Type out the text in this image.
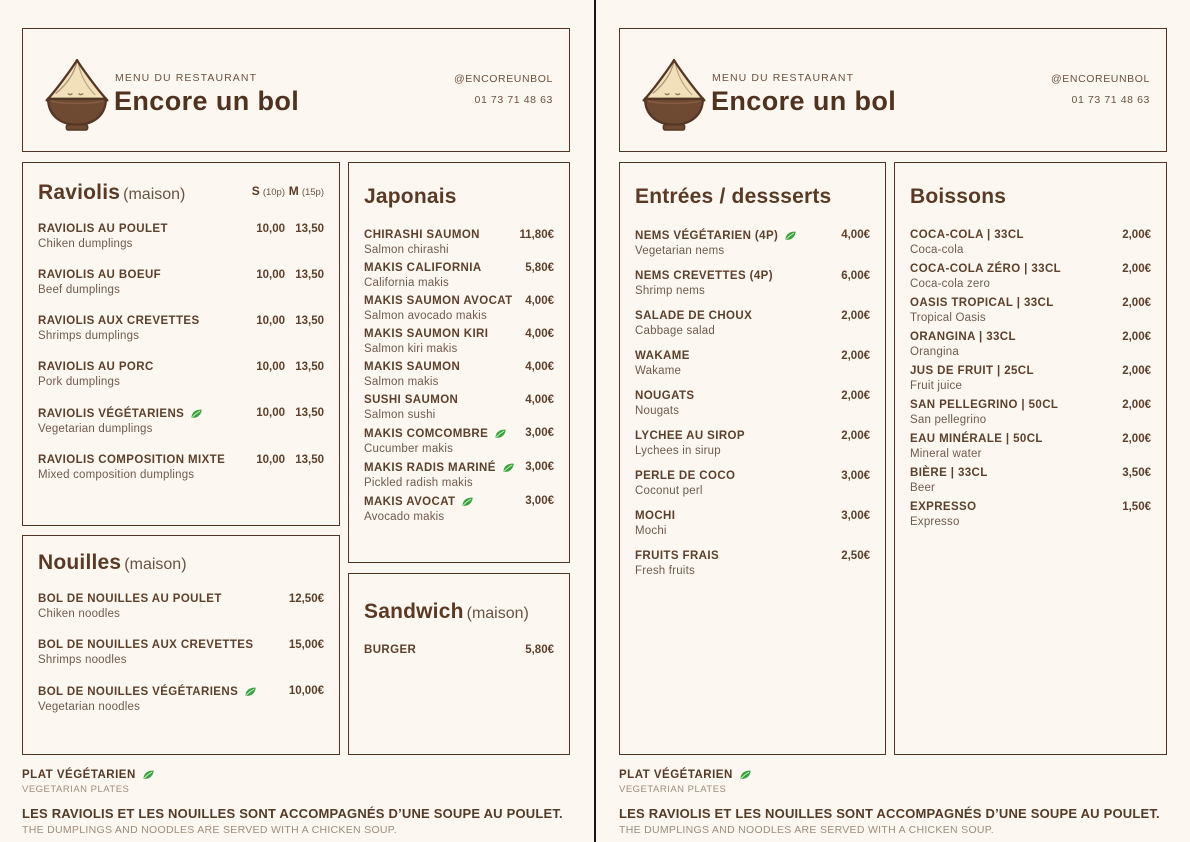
MENU DU RESTAURANT
Encore un bol
@ENCOREUNBOL
01 73 71 48 63
Raviolis (maison)	S (10p) M (15p)
RAVIOLIS AU POULET	10,00 13,50
Chiken dumplings
RAVIOLIS AU BOEUF	10,00 13,50
Beef dumplings
RAVIOLIS AUX CREVETTES	10,00 13,50
Shrimps dumplings
RAVIOLIS AU PORC	10,00 13,50
Pork dumplings
RAVIOLIS VÉGÉTARIENS	10,00 13,50
Vegetarian dumplings
RAVIOLIS COMPOSITION MIXTE	10,00 13,50
Mixed composition dumplings
Nouilles (maison)
BOL DE NOUILLES AU POULET	12,50€
Chiken noodles
BOL DE NOUILLES AUX CREVETTES	15,00€
Shrimps noodles
BOL DE NOUILLES VÉGÉTARIENS	10,00€
Vegetarian noodles
Japonais
CHIRASHI SAUMON	11,80€
Salmon chirashi
MAKIS CALIFORNIA	5,80€
California makis
MAKIS SAUMON AVOCAT 4,00€
Salmon avocado makis
MAKIS SAUMON KIRI	4,00€
Salmon kiri makis
MAKIS SAUMON	4,00€
Salmon makis
SUSHI SAUMON	4,00€
Salmon sushi
MAKIS COMCOMBRE	3,00€
Cucumber makis
MAKIS RADIS MARINÉ	3,00€
Pickled radish makis
MAKIS AVOCAT	3,00€
Avocado makis
Sandwich (maison)
BURGER	5,80€
PLAT VÉGÉTARIEN
VEGETARIAN PLATES
LES RAVIOLIS ET LES NOUILLES SONT ACCOMPAGNÉS D’UNE SOUPE AU POULET.
THE DUMPLINGS AND NOODLES ARE SERVED WITH A CHICKEN SOUP.
MENU DU RESTAURANT
Encore un bol
@ENCOREUNBOL
01 73 71 48 63
Entrées / dessserts
NEMS VÉGÉTARIEN (4P)	4,00€
Vegetarian nems
NEMS CREVETTES (4P)	6,00€
Shrimp nems
SALADE DE CHOUX	2,00€
Cabbage salad
WAKAME	2,00€
Wakame
NOUGATS	2,00€
Nougats
LYCHEE AU SIROP	2,00€
Lychees in sirup
PERLE DE COCO	3,00€
Coconut perl
MOCHI	3,00€
Mochi
FRUITS FRAIS	2,50€
Fresh fruits
Boissons
COCA-COLA | 33CL	2,00€
Coca-cola
COCA-COLA ZÉRO | 33CL	2,00€
Coca-cola zero
OASIS TROPICAL | 33CL	2,00€
Tropical Oasis
ORANGINA | 33CL	2,00€
Orangina
JUS DE FRUIT | 25CL	2,00€
Fruit juice
SAN PELLEGRINO | 50CL	2,00€
San pellegrino
EAU MINÉRALE | 50CL	2,00€
Mineral water
BIÈRE | 33CL	3,50€
Beer
EXPRESSO	1,50€
Expresso
PLAT VÉGÉTARIEN
VEGETARIAN PLATES
LES RAVIOLIS ET LES NOUILLES SONT ACCOMPAGNÉS D’UNE SOUPE AU POULET.
THE DUMPLINGS AND NOODLES ARE SERVED WITH A CHICKEN SOUP.
